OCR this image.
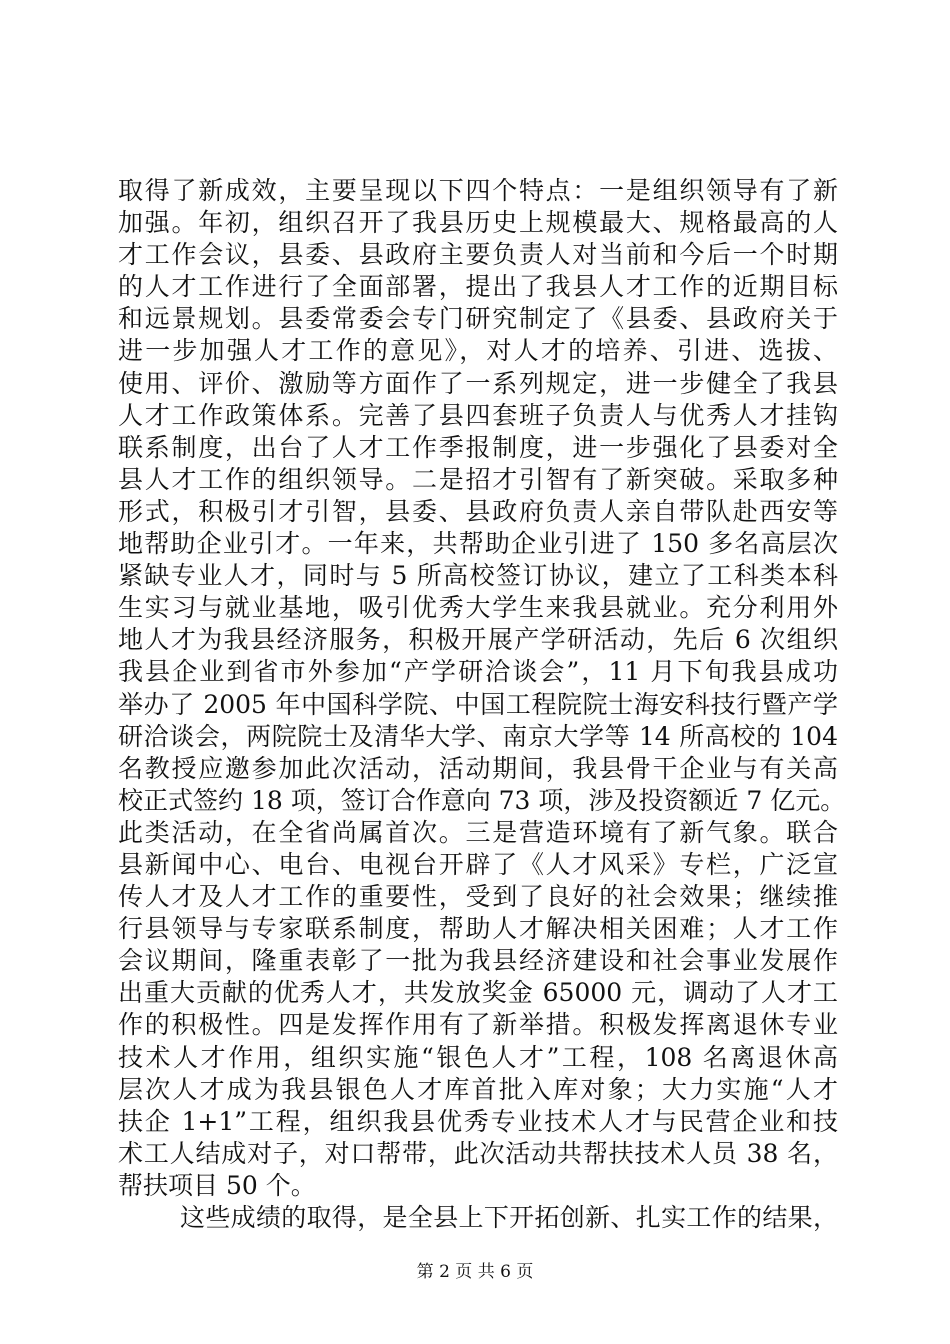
取得了新成效，主要呈现以下四个特点：一是组织领导有了新
加强。年初，组织召开了我县历史上规模最大、规格最高的人
才工作会议，县委、县政府主要负责人对当前和今后一个时期
的人才工作进行了全面部署，提出了我县人才工作的近期目标
和远景规划。县委常委会专门研究制定了《县委、县政府关于
进一步加强人才工作的意见》，对人才的培养、引进、选拔、
使用、评价、激励等方面作了一系列规定，进一步健全了我县
人才工作政策体系。完善了县四套班子负责人与优秀人才挂钩
联系制度，出台了人才工作季报制度，进一步强化了县委对全
县人才工作的组织领导。二是招才引智有了新突破。采取多种
形式，积极引才引智，县委、县政府负责人亲自带队赴西安等
地帮助企业引才。一年来，共帮助企业引进了 150 多名高层次
紧缺专业人才，同时与 5 所高校签订协议，建立了工科类本科
生实习与就业基地，吸引优秀大学生来我县就业。充分利用外
地人才为我县经济服务，积极开展产学研活动，先后 6 次组织
我县企业到省市外参加“产学研洽谈会”，11 月下旬我县成功
举办了 2005 年中国科学院、中国工程院院士海安科技行暨产学
研洽谈会，两院院士及清华大学、南京大学等 14 所高校的 104
名教授应邀参加此次活动，活动期间，我县骨干企业与有关高
校正式签约 18 项，签订合作意向 73 项，涉及投资额近 7 亿元。
此类活动，在全省尚属首次。三是营造环境有了新气象。联合
县新闻中心、电台、电视台开辟了《人才风采》专栏，广泛宣
传人才及人才工作的重要性，受到了良好的社会效果；继续推
行县领导与专家联系制度，帮助人才解决相关困难；人才工作
会议期间，隆重表彰了一批为我县经济建设和社会事业发展作
出重大贡献的优秀人才，共发放奖金 65000 元，调动了人才工
作的积极性。四是发挥作用有了新举措。积极发挥离退休专业
技术人才作用，组织实施“银色人才”工程，108 名离退休高
层次人才成为我县银色人才库首批入库对象；大力实施“人才
扶企 1+1”工程，组织我县优秀专业技术人才与民营企业和技
术工人结成对子，对口帮带，此次活动共帮扶技术人员 38 名，
帮扶项目 50 个。
这些成绩的取得，是全县上下开拓创新、扎实工作的结果，
第 2 页 共 6 页
